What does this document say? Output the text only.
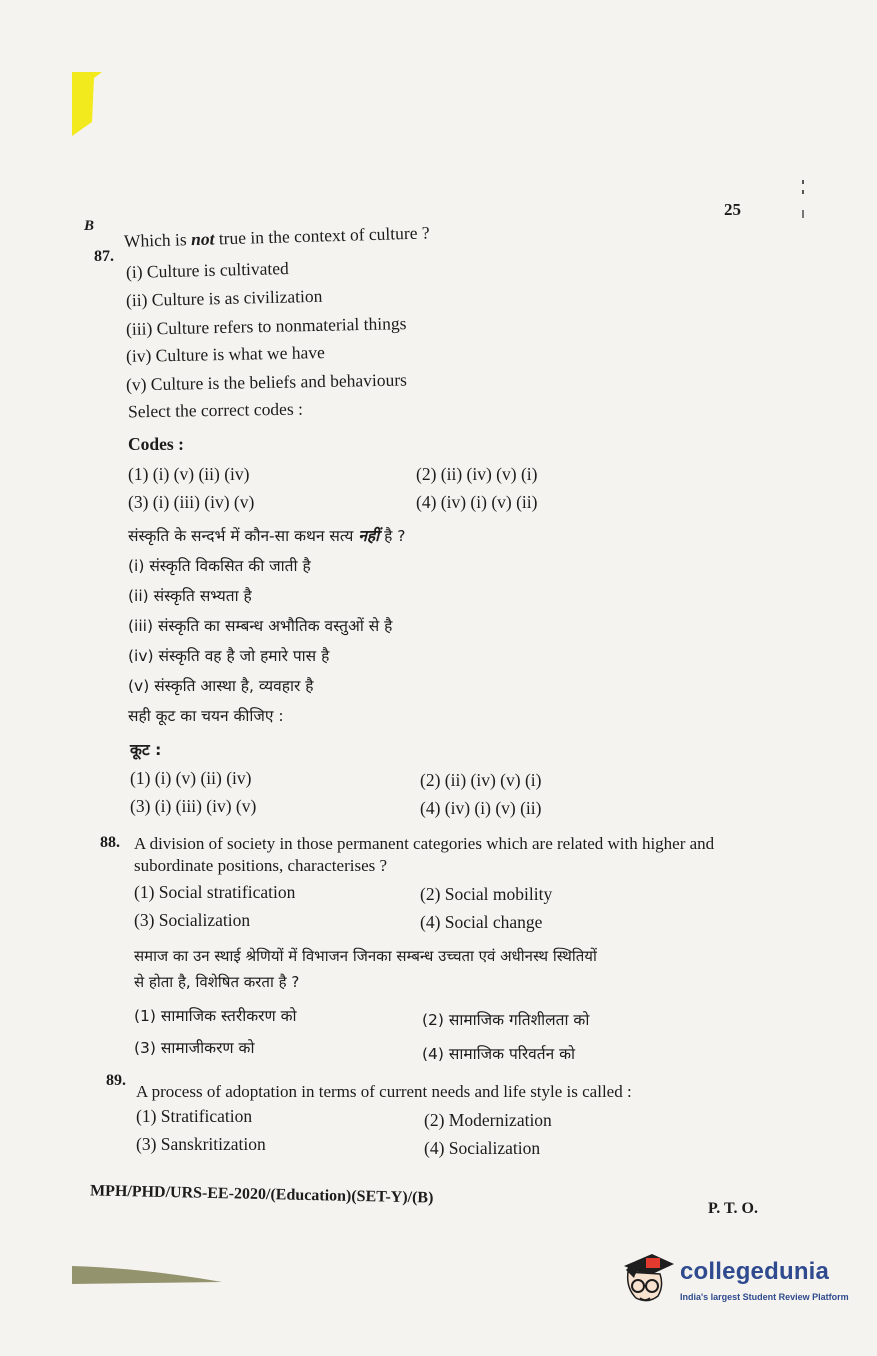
25
B
87.
Which is not true in the context of culture ?
(i) Culture is cultivated
(ii) Culture is as civilization
(iii) Culture refers to nonmaterial things
(iv) Culture is what we have
(v) Culture is the beliefs and behaviours
Select the correct codes :
Codes :
(1) (i) (v) (ii) (iv)	(2) (ii) (iv) (v) (i)
(3) (i) (iii) (iv) (v)	(4) (iv) (i) (v) (ii)
संस्कृति के सन्दर्भ में कौन-सा कथन सत्य नहीं है ?
(i) संस्कृति विकसित की जाती है
(ii) संस्कृति सभ्यता है
(iii) संस्कृति का सम्बन्ध अभौतिक वस्तुओं से है
(iv) संस्कृति वह है जो हमारे पास है
(v) संस्कृति आस्था है, व्यवहार है
सही कूट का चयन कीजिए :
कूट :
(1) (i) (v) (ii) (iv)	(2) (ii) (iv) (v) (i)
(3) (i) (iii) (iv) (v)	(4) (iv) (i) (v) (ii)
88. A division of society in those permanent categories which are related with higher and
subordinate positions, characterises ?
(1) Social stratification	(2) Social mobility
(3) Socialization	(4) Social change
समाज का उन स्थाई श्रेणियों में विभाजन जिनका सम्बन्ध उच्चता एवं अधीनस्थ स्थितियों
से होता है, विशेषित करता है ?
(1) सामाजिक स्तरीकरण को	(2) सामाजिक गतिशीलता को
(3) सामाजीकरण को	(4) सामाजिक परिवर्तन को
89.
A process of adoptation in terms of current needs and life style is called :
(1) Stratification	(2) Modernization
(3) Sanskritization	(4) Socialization
MPH/PHD/URS-EE-2020/(Education)(SET-Y)/(B)
P. T. O.
collegedunia
India's largest Student Review Platform
